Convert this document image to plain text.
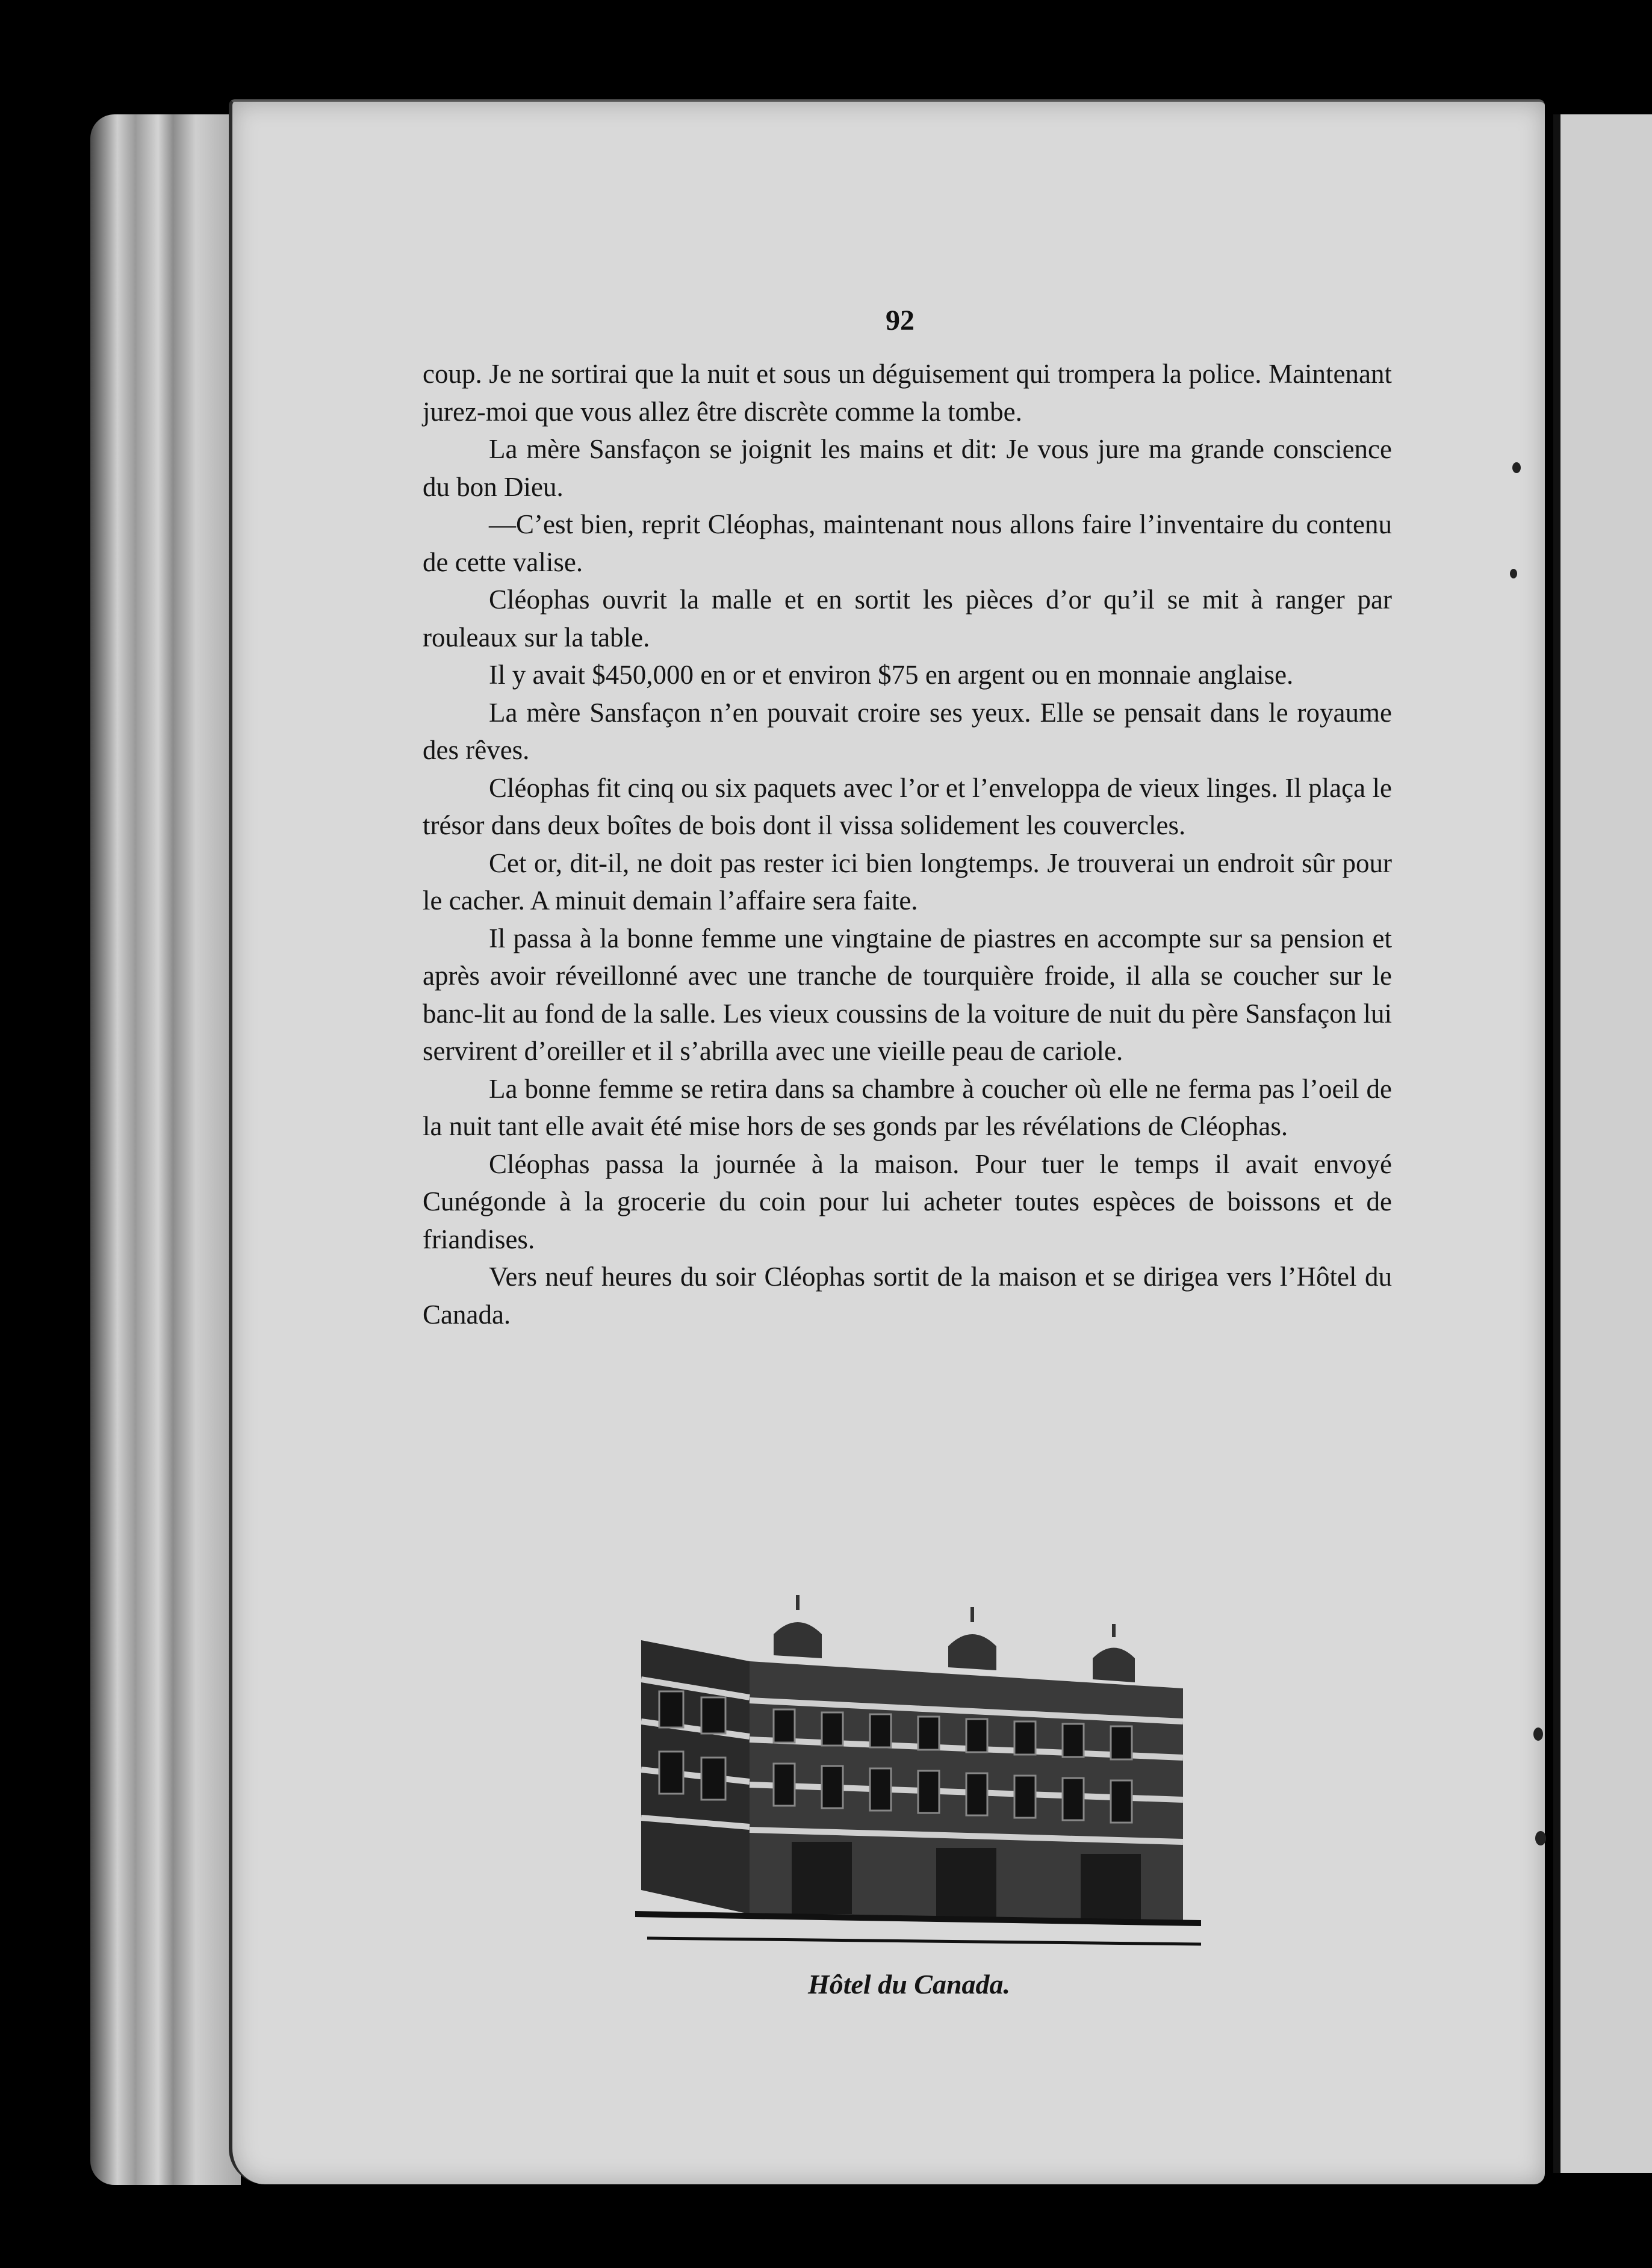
92

coup. Je ne sortirai que la nuit et sous un déguisement qui trompera la police. Maintenant jurez-moi que vous allez être discrète comme la tombe.

La mère Sansfaçon se joignit les mains et dit: Je vous jure ma grande conscience du bon Dieu.

—C’est bien, reprit Cléophas, maintenant nous allons faire l’inventaire du contenu de cette valise.

Cléophas ouvrit la malle et en sortit les pièces d’or qu’il se mit à ranger par rouleaux sur la table.

Il y avait $450,000 en or et environ $75 en argent ou en monnaie anglaise.

La mère Sansfaçon n’en pouvait croire ses yeux. Elle se pensait dans le royaume des rêves.

Cléophas fit cinq ou six paquets avec l’or et l’enveloppa de vieux linges. Il plaça le trésor dans deux boîtes de bois dont il vissa solidement les couvercles.

Cet or, dit-il, ne doit pas rester ici bien longtemps. Je trouverai un endroit sûr pour le cacher. A minuit demain l’affaire sera faite.

Il passa à la bonne femme une vingtaine de piastres en accompte sur sa pension et après avoir réveillonné avec une tranche de tourquière froide, il alla se coucher sur le banc-lit au fond de la salle. Les vieux coussins de la voiture de nuit du père Sansfaçon lui servirent d’oreiller et il s’abrilla avec une vieille peau de cariole.

La bonne femme se retira dans sa chambre à coucher où elle ne ferma pas l’oeil de la nuit tant elle avait été mise hors de ses gonds par les révélations de Cléophas.

Cléophas passa la journée à la maison. Pour tuer le temps il avait envoyé Cunégonde à la grocerie du coin pour lui acheter toutes espèces de boissons et de friandises.

Vers neuf heures du soir Cléophas sortit de la maison et se dirigea vers l’Hôtel du Canada.

Hôtel du Canada.
